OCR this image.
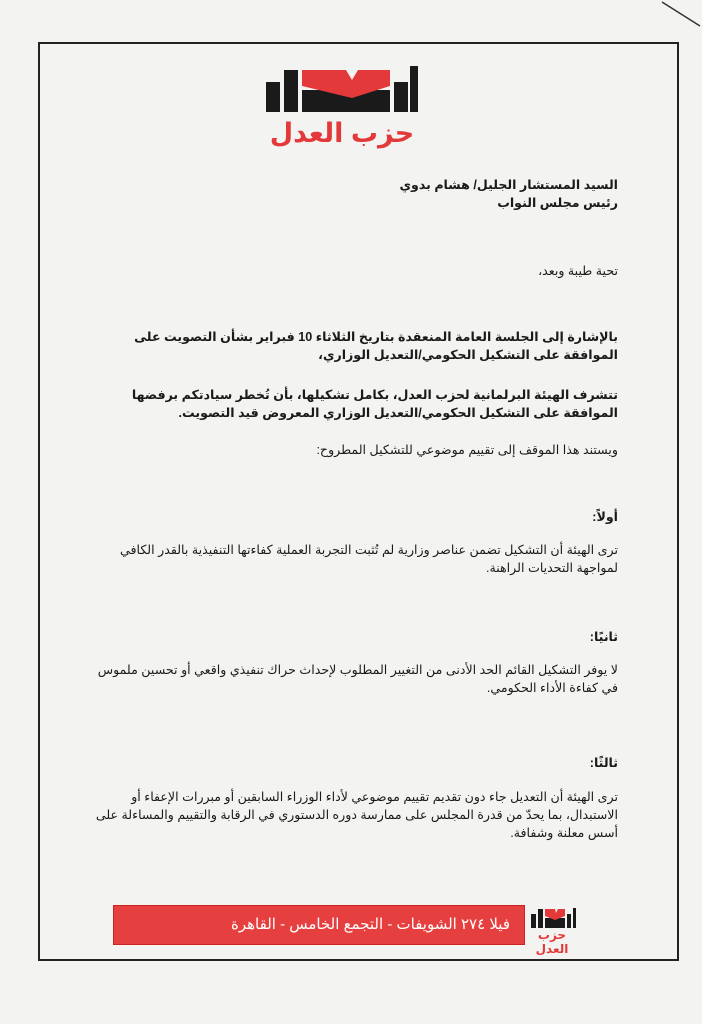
حزب العدل
السيد المستشار الجليل/ هشام بدوي
رئيس مجلس النواب
تحية طيبة وبعد،
بالإشارة إلى الجلسة العامة المنعقدة بتاريخ الثلاثاء 10 فبراير بشأن التصويت على الموافقة على التشكيل الحكومي/التعديل الوزاري،
تتشرف الهيئة البرلمانية لحزب العدل، بكامل تشكيلها، بأن تُخطر سيادتكم برفضها الموافقة على التشكيل الحكومي/التعديل الوزاري المعروض قيد التصويت.
ويستند هذا الموقف إلى تقييم موضوعي للتشكيل المطروح:
أولاً:
ترى الهيئة أن التشكيل تضمن عناصر وزارية لم تُثبت التجربة العملية كفاءتها التنفيذية بالقدر الكافي لمواجهة التحديات الراهنة.
ثانيًا:
لا يوفر التشكيل القائم الحد الأدنى من التغيير المطلوب لإحداث حراك تنفيذي واقعي أو تحسين ملموس في كفاءة الأداء الحكومي.
ثالثًا:
ترى الهيئة أن التعديل جاء دون تقديم تقييم موضوعي لأداء الوزراء السابقين أو مبررات الإعفاء أو الاستبدال، بما يحدّ من قدرة المجلس على ممارسة دوره الدستوري في الرقابة والتقييم والمساءلة على أسس معلنة وشفافة.
فيلا ٢٧٤ الشويفات - التجمع الخامس - القاهرة
حزب العدل
